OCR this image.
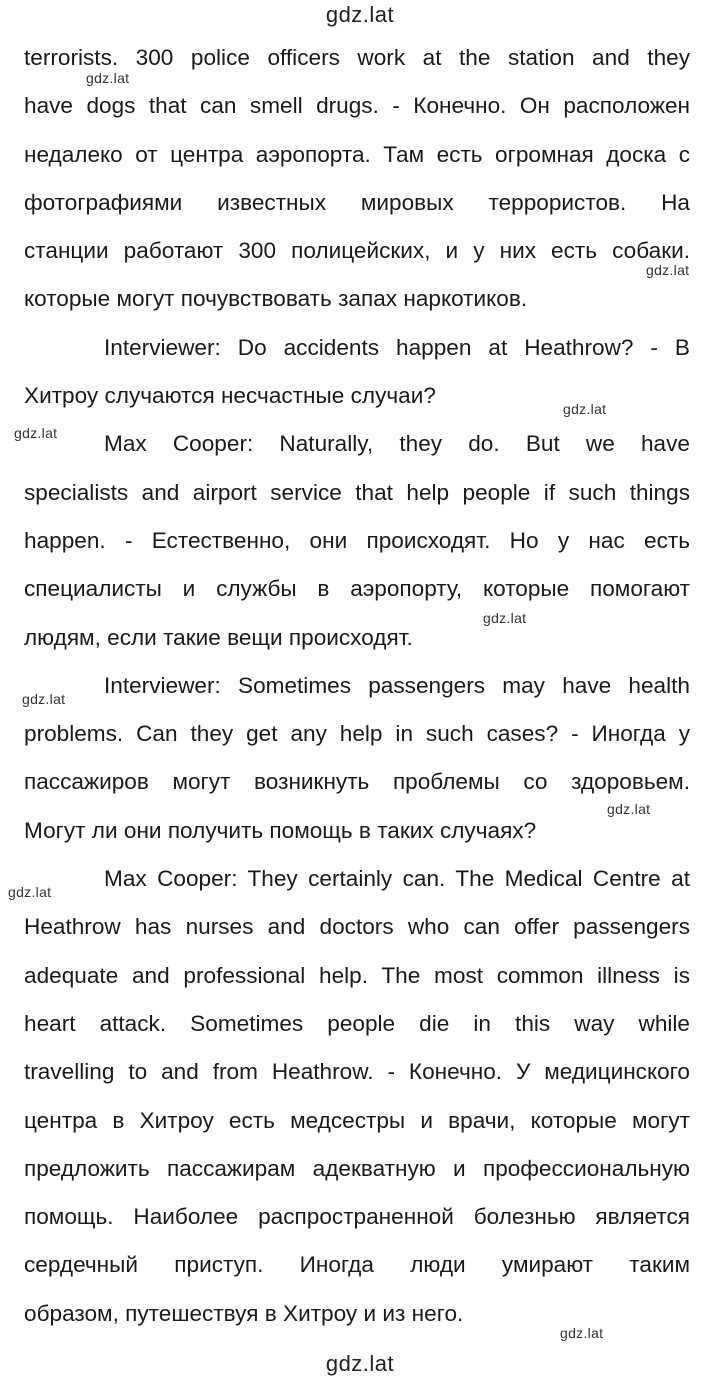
gdz.lat
terrorists. 300 police officers work at the station and they
have dogs that can smell drugs. - Конечно. Он расположен
недалеко от центра аэропорта. Там есть огромная доска с
фотографиями известных мировых террористов. На
станции работают 300 полицейских, и у них есть собаки.
которые могут почувствовать запах наркотиков.
Interviewer: Do accidents happen at Heathrow? - В
Хитроу случаются несчастные случаи?
Max Cooper: Naturally, they do. But we have
specialists and airport service that help people if such things
happen. - Естественно, они происходят. Но у нас есть
специалисты и службы в аэропорту, которые помогают
людям, если такие вещи происходят.
Interviewer: Sometimes passengers may have health
problems. Can they get any help in such cases? - Иногда у
пассажиров могут возникнуть проблемы со здоровьем.
Могут ли они получить помощь в таких случаях?
Max Cooper: They certainly can. The Medical Centre at
Heathrow has nurses and doctors who can offer passengers
adequate and professional help. The most common illness is
heart attack. Sometimes people die in this way while
travelling to and from Heathrow. - Конечно. У медицинского
центра в Хитроу есть медсестры и врачи, которые могут
предложить пассажирам адекватную и профессиональную
помощь. Наиболее распространенной болезнью является
сердечный приступ. Иногда люди умирают таким
образом, путешествуя в Хитроу и из него.
gdz.lat
gdz.lat
gdz.lat
gdz.lat
gdz.lat
gdz.lat
gdz.lat
gdz.lat
gdz.lat
gdz.lat
